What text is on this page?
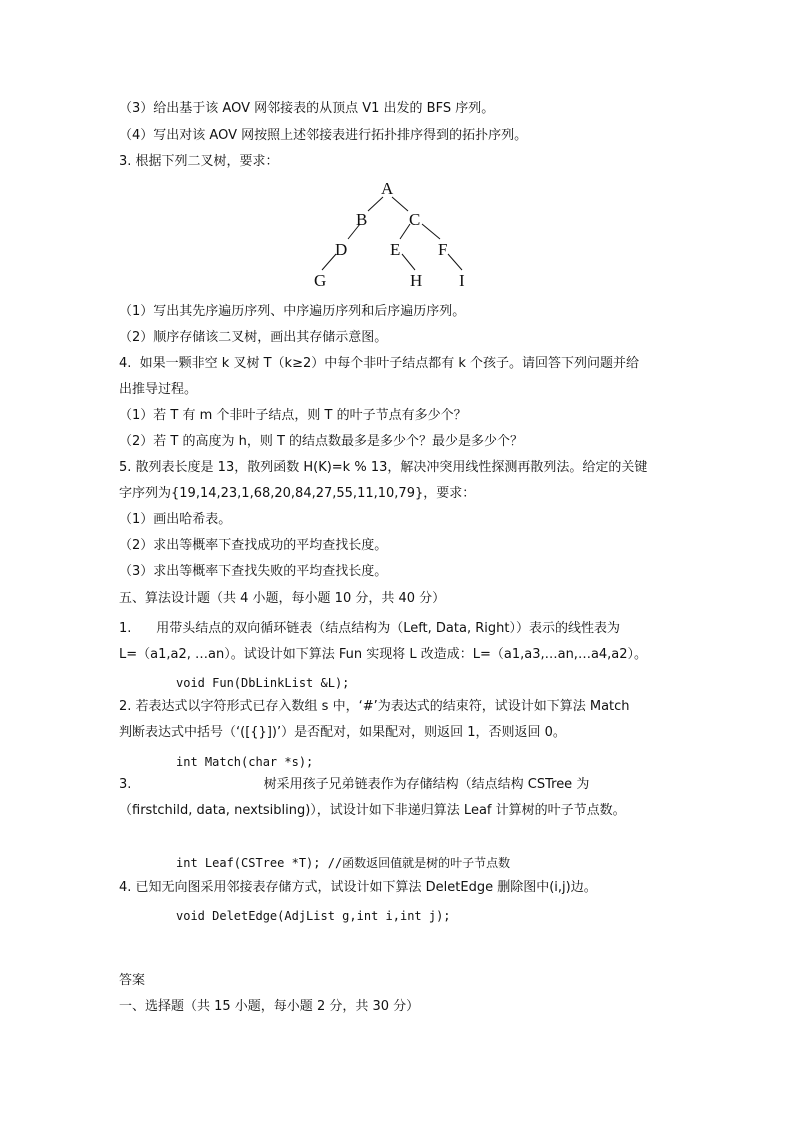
（3）给出基于该 AOV 网邻接表的从顶点 V1 出发的 BFS 序列。
（4）写出对该 AOV 网按照上述邻接表进行拓扑排序得到的拓扑序列。
3. 根据下列二叉树，要求：
A
B C
D	E F
G	H I
（1）写出其先序遍历序列、中序遍历序列和后序遍历序列。
（2）顺序存储该二叉树，画出其存储示意图。
4.  如果一颗非空 k 叉树 T（k≥2）中每个非叶子结点都有 k 个孩子。请回答下列问题并给
出推导过程。
（1）若 T 有 m 个非叶子结点，则 T 的叶子节点有多少个？
（2）若 T 的高度为 h，则 T 的结点数最多是多少个？最少是多少个？
5. 散列表长度是 13，散列函数 H(K)=k % 13，解决冲突用线性探测再散列法。给定的关键
字序列为{19,14,23,1,68,20,84,27,55,11,10,79}，要求：
（1）画出哈希表。
（2）求出等概率下查找成功的平均查找长度。
（3）求出等概率下查找失败的平均查找长度。
五、算法设计题（共 4 小题，每小题 10 分，共 40 分）
1.      用带头结点的双向循环链表（结点结构为（Left, Data, Right））表示的线性表为
L=（a1,a2, …an）。试设计如下算法 Fun 实现将 L 改造成：L=（a1,a3,…an,…a4,a2）。
void Fun(DbLinkList &L);
2. 若表达式以字符形式已存入数组 s 中，‘#’为表达式的结束符，试设计如下算法 Match
判断表达式中括号（‘([{}])’）是否配对，如果配对，则返回 1，否则返回 0。
int Match(char *s);
3.                                树采用孩子兄弟链表作为存储结构（结点结构 CSTree 为
（firstchild, data, nextsibling)），试设计如下非递归算法 Leaf 计算树的叶子节点数。
int Leaf(CSTree *T); //函数返回值就是树的叶子节点数
4. 已知无向图采用邻接表存储方式，试设计如下算法 DeletEdge 删除图中(i,j)边。
void DeletEdge(AdjList g,int i,int j);
答案
一、选择题（共 15 小题，每小题 2 分，共 30 分）
